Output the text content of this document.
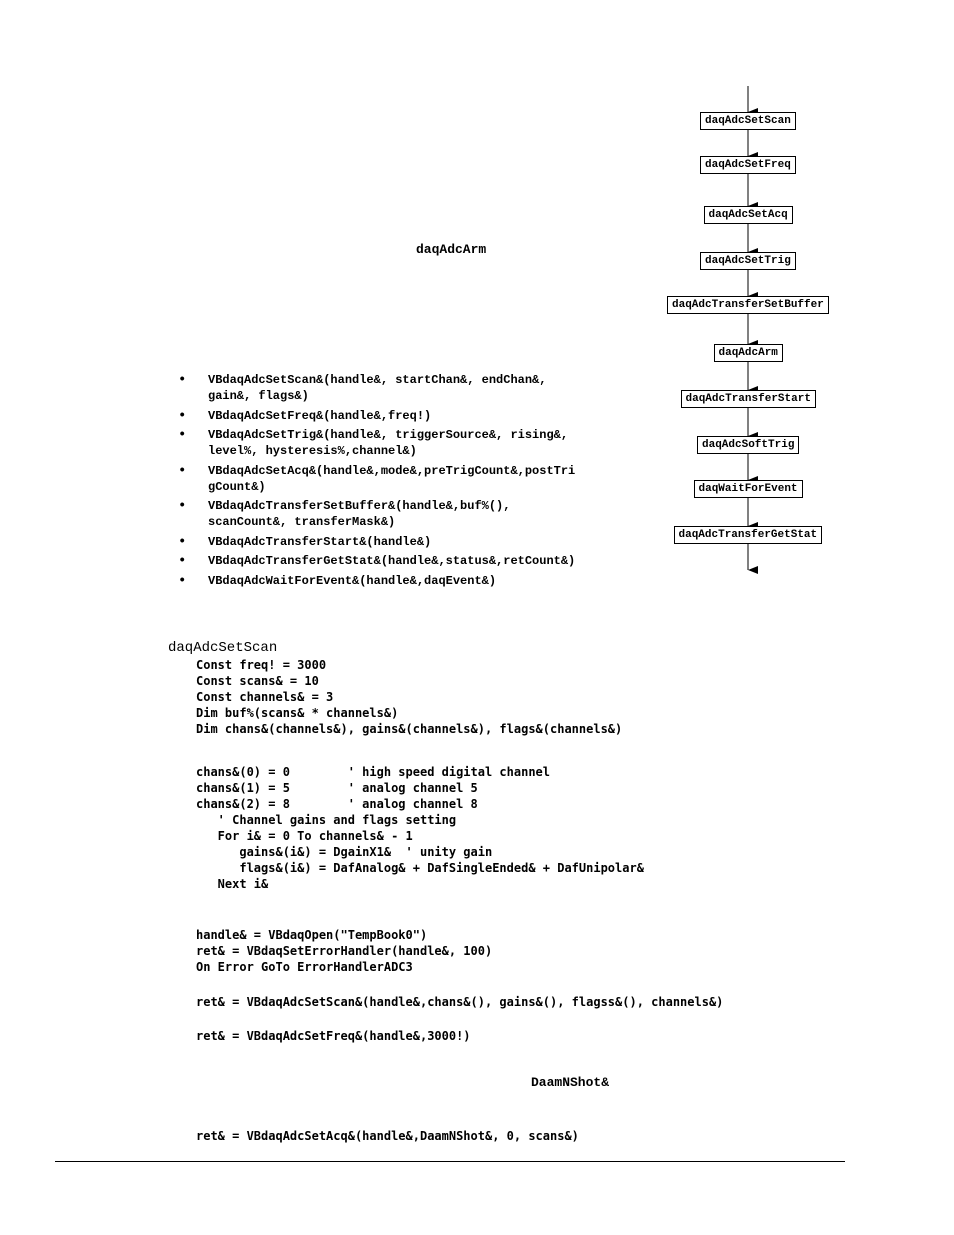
daqAdcSetScan
daqAdcSetFreq
daqAdcSetAcq
daqAdcSetTrig
daqAdcTransferSetBuffer
daqAdcArm
daqAdcTransferStart
daqAdcSoftTrig
daqWaitForEvent
daqAdcTransferGetStat
daqAdcArm
• VBdaqAdcSetScan&(handle&, startChan&, endChan&,
gain&, flags&)
• VBdaqAdcSetFreq&(handle&,freq!)
• VBdaqAdcSetTrig&(handle&, triggerSource&, rising&,
level%, hysteresis%,channel&)
• VBdaqAdcSetAcq&(handle&,mode&,preTrigCount&,postTri
gCount&)
• VBdaqAdcTransferSetBuffer&(handle&,buf%(),
scanCount&, transferMask&)
• VBdaqAdcTransferStart&(handle&)
• VBdaqAdcTransferGetStat&(handle&,status&,retCount&)
• VBdaqAdcWaitForEvent&(handle&,daqEvent&)
daqAdcSetScan
Const freq! = 3000
Const scans& = 10
Const channels& = 3
Dim buf%(scans& * channels&)
Dim chans&(channels&), gains&(channels&), flags&(channels&)
chans&(0) = 0        ' high speed digital channel
chans&(1) = 5        ' analog channel 5
chans&(2) = 8        ' analog channel 8
' Channel gains and flags setting
For i& = 0 To channels& - 1
gains&(i&) = DgainX1&  ' unity gain
flags&(i&) = DafAnalog& + DafSingleEnded& + DafUnipolar&
Next i&
handle& = VBdaqOpen("TempBook0")
ret& = VBdaqSetErrorHandler(handle&, 100)
On Error GoTo ErrorHandlerADC3
ret& = VBdaqAdcSetScan&(handle&,chans&(), gains&(), flagss&(), channels&)
ret& = VBdaqAdcSetFreq&(handle&,3000!)
DaamNShot&
ret& = VBdaqAdcSetAcq&(handle&,DaamNShot&, 0, scans&)
